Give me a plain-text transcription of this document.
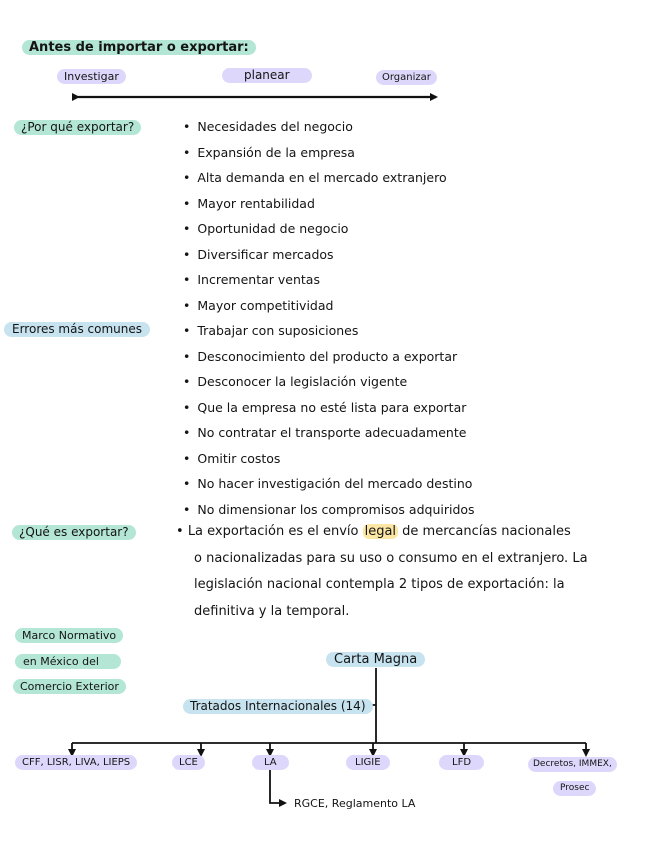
Antes de importar o exportar:
Investigar	planear	Organizar
¿Por qué exportar?
•	Necesidades del negocio
• Expansión de la empresa
• Alta demanda en el mercado extranjero
• Mayor rentabilidad
• Oportunidad de negocio
• Diversificar mercados
• Incrementar ventas
• Mayor competitividad
• Trabajar con suposiciones
• Desconocimiento del producto a exportar
• Desconocer la legislación vigente
• Que la empresa no esté lista para exportar
• No contratar el transporte adecuadamente
• Omitir costos
• No hacer investigación del mercado destino
• No dimensionar los compromisos adquiridos
Errores más comunes
¿Qué es exportar?	• La exportación es el envío legal de mercancías nacionales

o nacionalizadas para su uso o consumo en el extranjero. La

legislación nacional contempla 2 tipos de exportación: la

definitiva y la temporal.

Marco Normativo
en México del
Comercio Exterior
Carta Magna
Tratados Internacionales (14)
CFF, LISR, LIVA, LIEPS	LCE	LA	LIGIE	LFD	Decretos, IMMEX,
Prosec
RGCE, Reglamento LA
